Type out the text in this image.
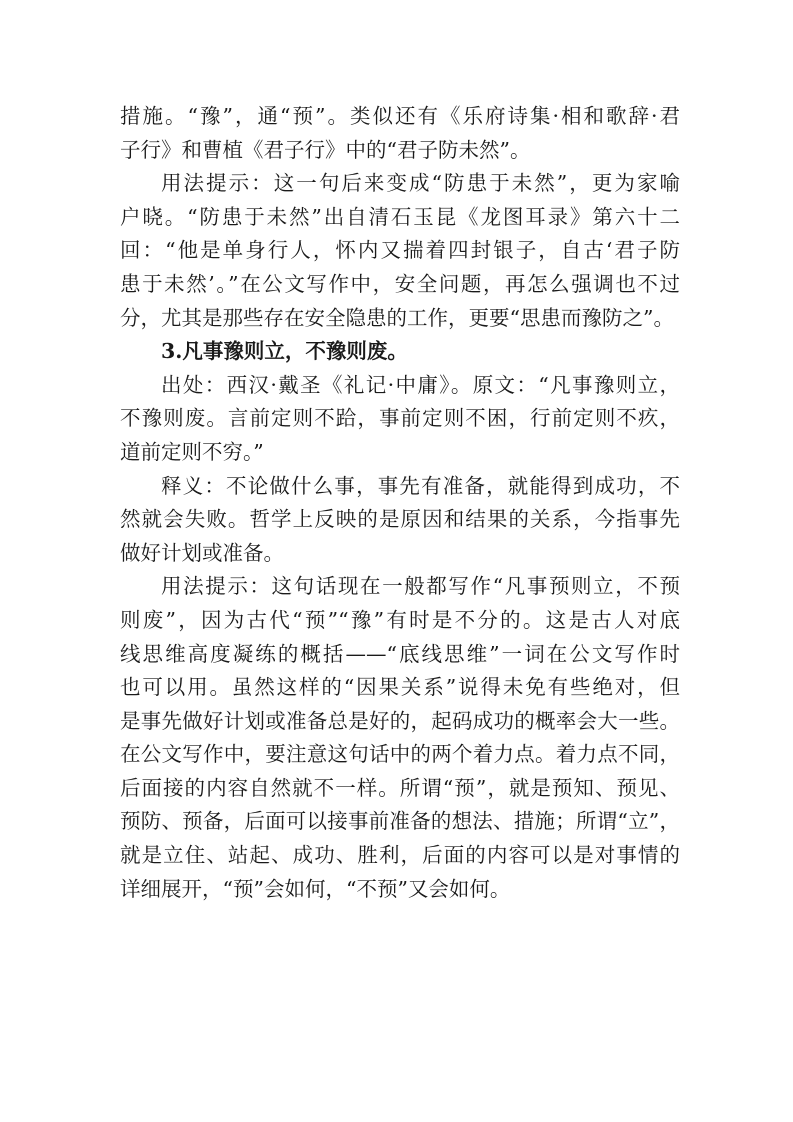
措施。“豫”，通“预”。类似还有《乐府诗集·相和歌辞·君
子行》和曹植《君子行》中的“君子防未然”。
用法提示：这一句后来变成“防患于未然”，更为家喻
户晓。“防患于未然”出自清石玉昆《龙图耳录》第六十二
回：“他是单身行人，怀内又揣着四封银子，自古‘君子防
患于未然’。”在公文写作中，安全问题，再怎么强调也不过
分，尤其是那些存在安全隐患的工作，更要“思患而豫防之”。
3.凡事豫则立，不豫则废。
出处：西汉·戴圣《礼记·中庸》。原文：“凡事豫则立，
不豫则废。言前定则不跲，事前定则不困，行前定则不疚，
道前定则不穷。”
释义：不论做什么事，事先有准备，就能得到成功，不
然就会失败。哲学上反映的是原因和结果的关系，今指事先
做好计划或准备。
用法提示：这句话现在一般都写作“凡事预则立，不预
则废”，因为古代“预”“豫”有时是不分的。这是古人对底
线思维高度凝练的概括——“底线思维”一词在公文写作时
也可以用。虽然这样的“因果关系”说得未免有些绝对，但
是事先做好计划或准备总是好的，起码成功的概率会大一些。
在公文写作中，要注意这句话中的两个着力点。着力点不同，
后面接的内容自然就不一样。所谓“预”，就是预知、预见、
预防、预备，后面可以接事前准备的想法、措施；所谓“立”，
就是立住、站起、成功、胜利，后面的内容可以是对事情的
详细展开，“预”会如何，“不预”又会如何。
